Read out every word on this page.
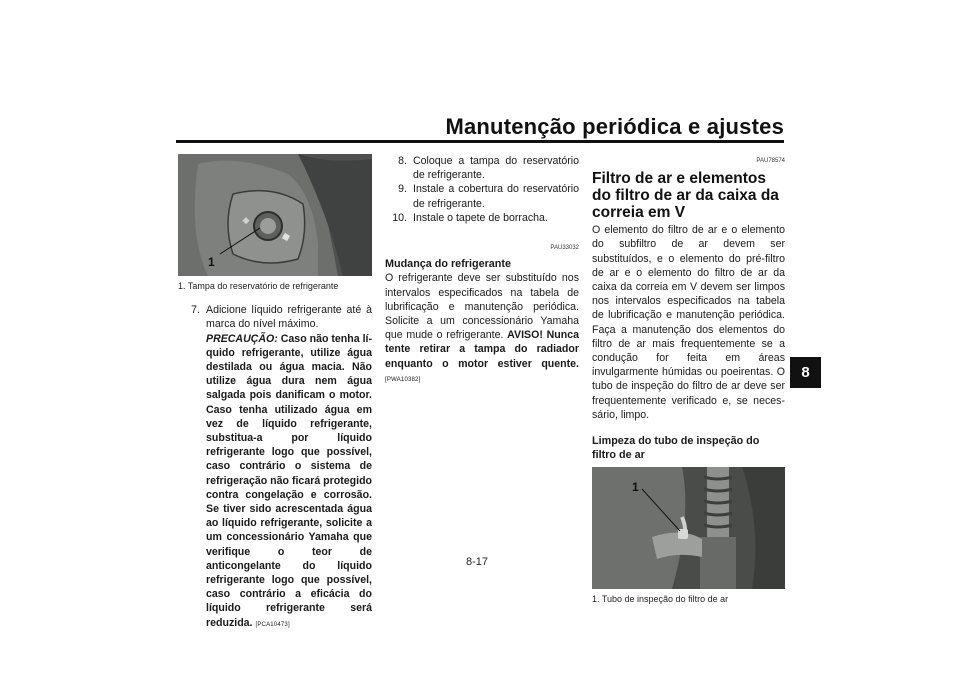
Manutenção periódica e ajustes
8
8-17
1
1. Tampa do reservatório de refrigerante
7. Adicione líquido refrigerante até à marca do nível máximo.
PRECAUÇÃO: Caso não tenha líquido refrigerante, utilize água destilada ou água macia. Não utilize água dura nem água salgada pois danificam o motor. Caso tenha utilizado água em vez de líquido refrigerante, substitua-a por líquido refrigerante logo que possível, caso contrário o sistema de refrigeração não ficará protegido contra congelação e corrosão. Se tiver sido acrescentada água ao líquido refrigerante, solicite a um concessionário Yamaha que verifique o teor de anticongelante do líquido refrigerante logo que possível, caso contrário a eficácia do líquido refrigerante será reduzida. [PCA10473]
8. Coloque a tampa do reservatório de refrigerante.
9. Instale a cobertura do reservatório de refrigerante.
10. Instale o tapete de borracha.
PAU33032
Mudança do refrigerante

O refrigerante deve ser substituído nos intervalos especificados na tabela de lubrificação e manutenção periódica. Solicite a um concessionário Yamaha que mude o refrigerante. AVISO! Nunca tente retirar a tampa do radiador enquanto o motor estiver quente. [PWA10382]

PAU78574
Filtro de ar e elementos do filtro de ar da caixa da correia em V

O elemento do filtro de ar e o elemento do subfiltro de ar devem ser substituídos, e o elemento do pré-filtro de ar e o elemento do filtro de ar da caixa da correia em V devem ser limpos nos intervalos especificados na tabela de lubrificação e manutenção periódica. Faça a manutenção dos elementos do filtro de ar mais frequentemente se a condução for feita em áreas invulgarmente húmidas ou poeirentas. O tubo de inspeção do filtro de ar deve ser frequentemente verificado e, se necessário, limpo.

Limpeza do tubo de inspeção do filtro de ar
1
1. Tubo de inspeção do filtro de ar
